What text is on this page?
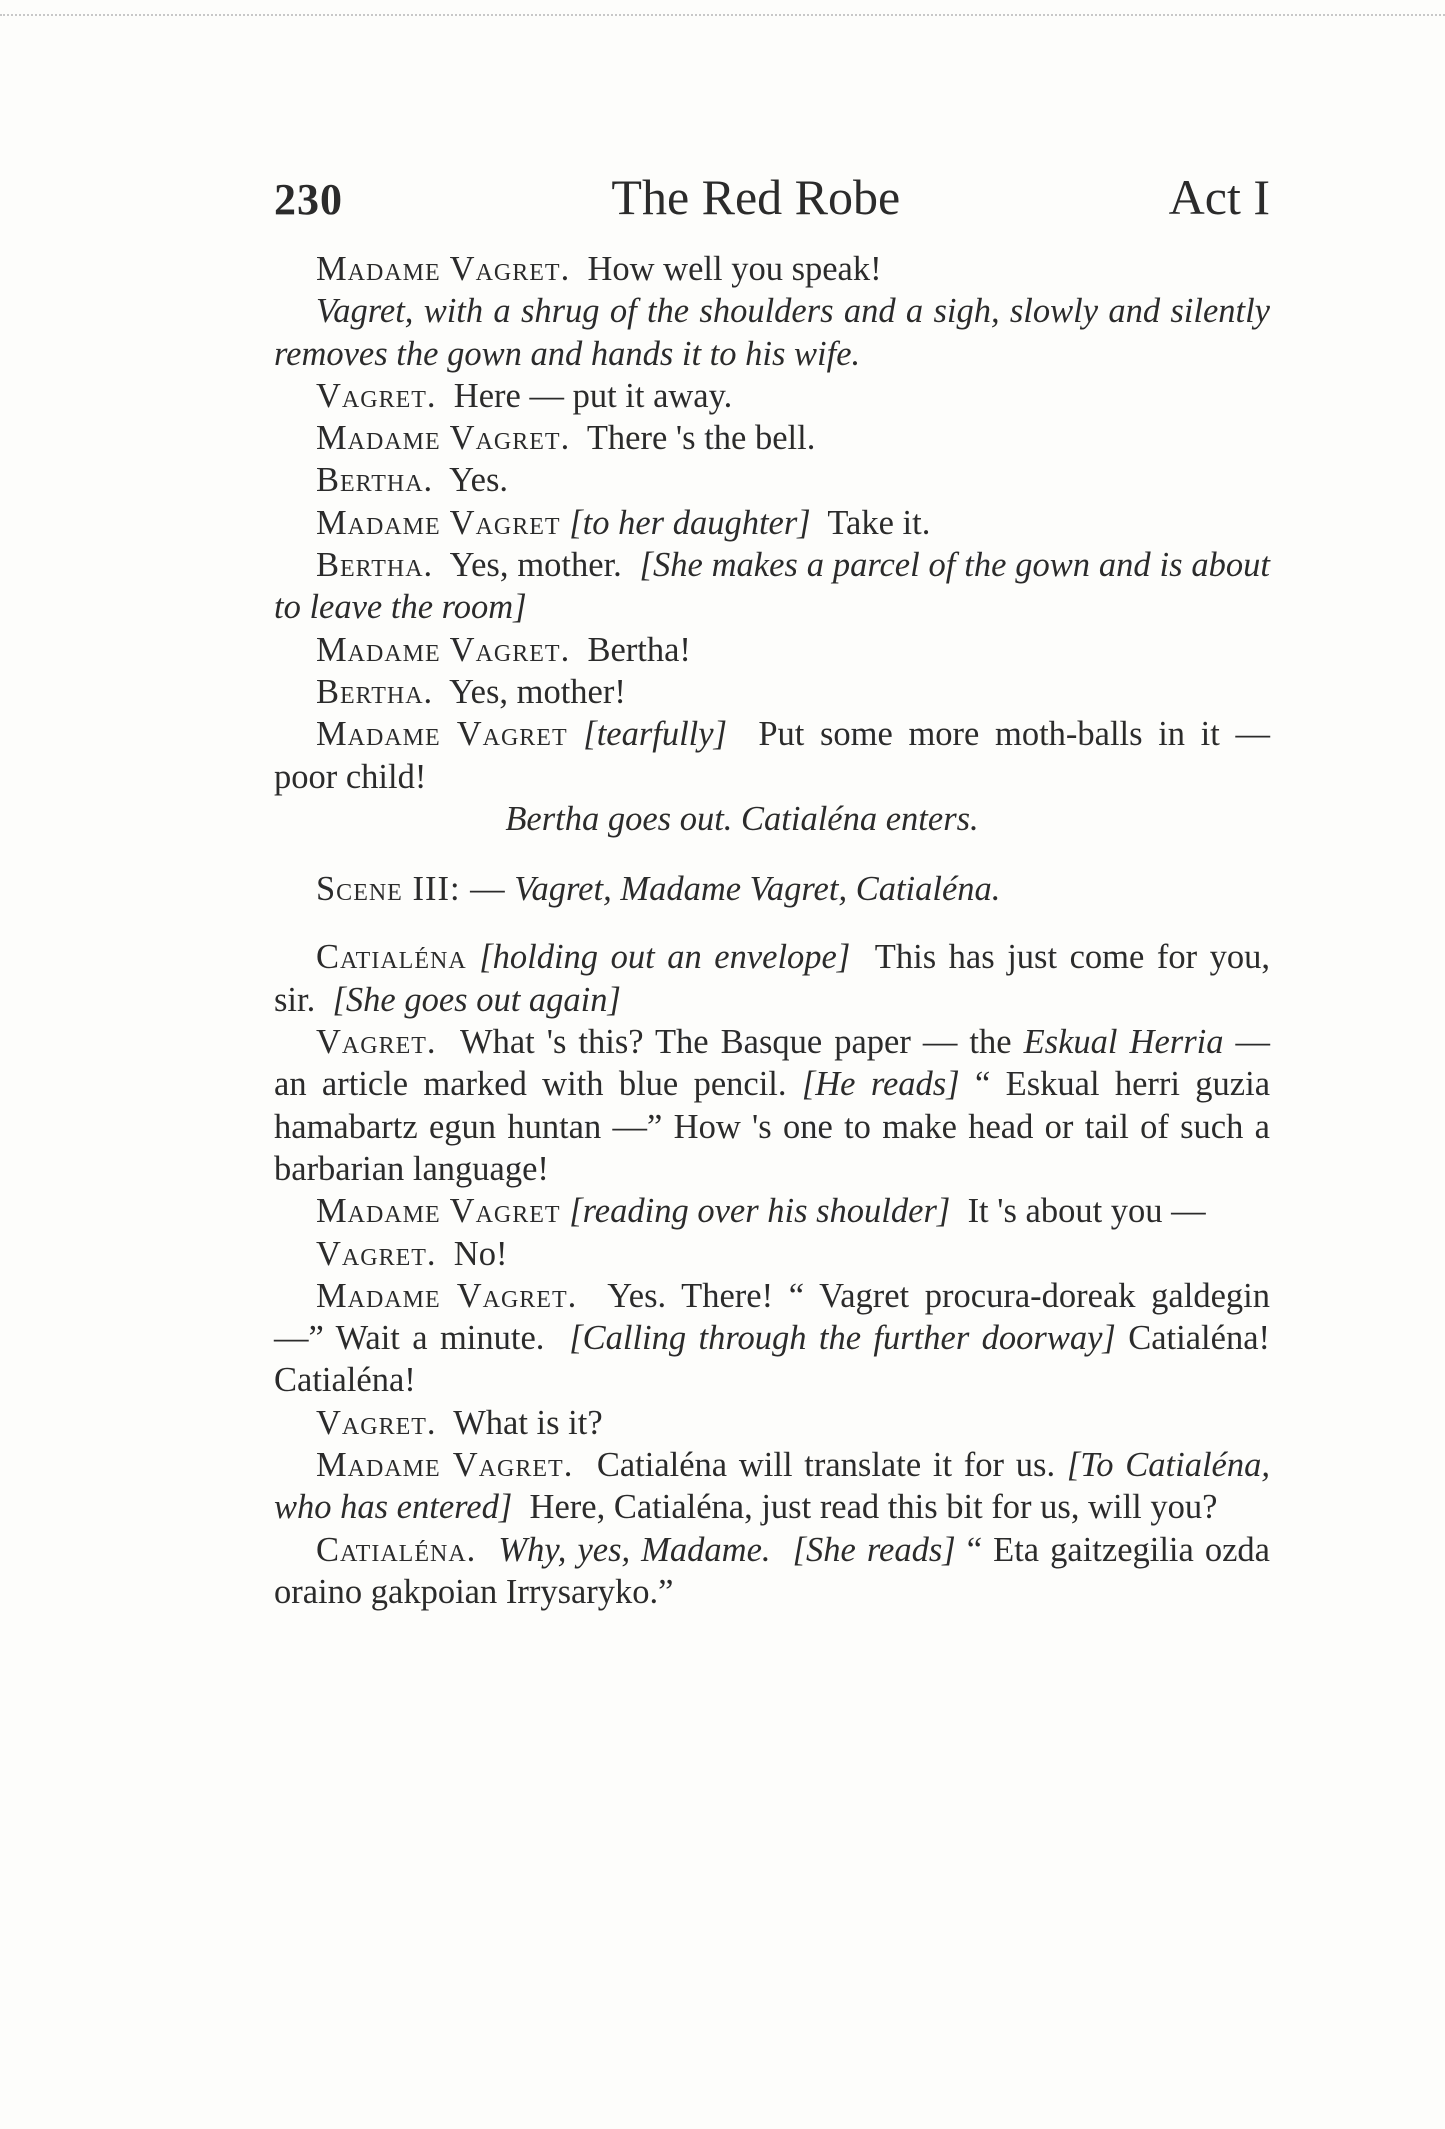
230	The Red Robe	Act I

Madame Vagret. How well you speak!

Vagret, with a shrug of the shoulders and a sigh, slowly and silently removes the gown and hands it to his wife.

Vagret. Here — put it away.

Madame Vagret. There 's the bell.

Bertha. Yes.

Madame Vagret [to her daughter] Take it.

Bertha. Yes, mother. [She makes a parcel of the gown and is about to leave the room]

Madame Vagret. Bertha!

Bertha. Yes, mother!

Madame Vagret [tearfully] Put some more moth-balls in it — poor child!

Bertha goes out. Catialéna enters.

Scene III: — Vagret, Madame Vagret, Catialéna.

Catialéna [holding out an envelope] This has just come for you, sir. [She goes out again]

Vagret. What 's this? The Basque paper — the Eskual Herria — an article marked with blue pencil. [He reads] “ Eskual herri guzia hamabartz egun huntan —” How 's one to make head or tail of such a barbarian language!

Madame Vagret [reading over his shoulder] It 's about you —

Vagret. No!

Madame Vagret. Yes. There! “ Vagret procura-doreak galdegin —” Wait a minute. [Calling through the further doorway] Catialéna! Catialéna!

Vagret. What is it?

Madame Vagret. Catialéna will translate it for us. [To Catialéna, who has entered] Here, Catialéna, just read this bit for us, will you?

Catialéna. Why, yes, Madame. [She reads] “ Eta gaitzegilia ozda oraino gakpoian Irrysaryko.”
